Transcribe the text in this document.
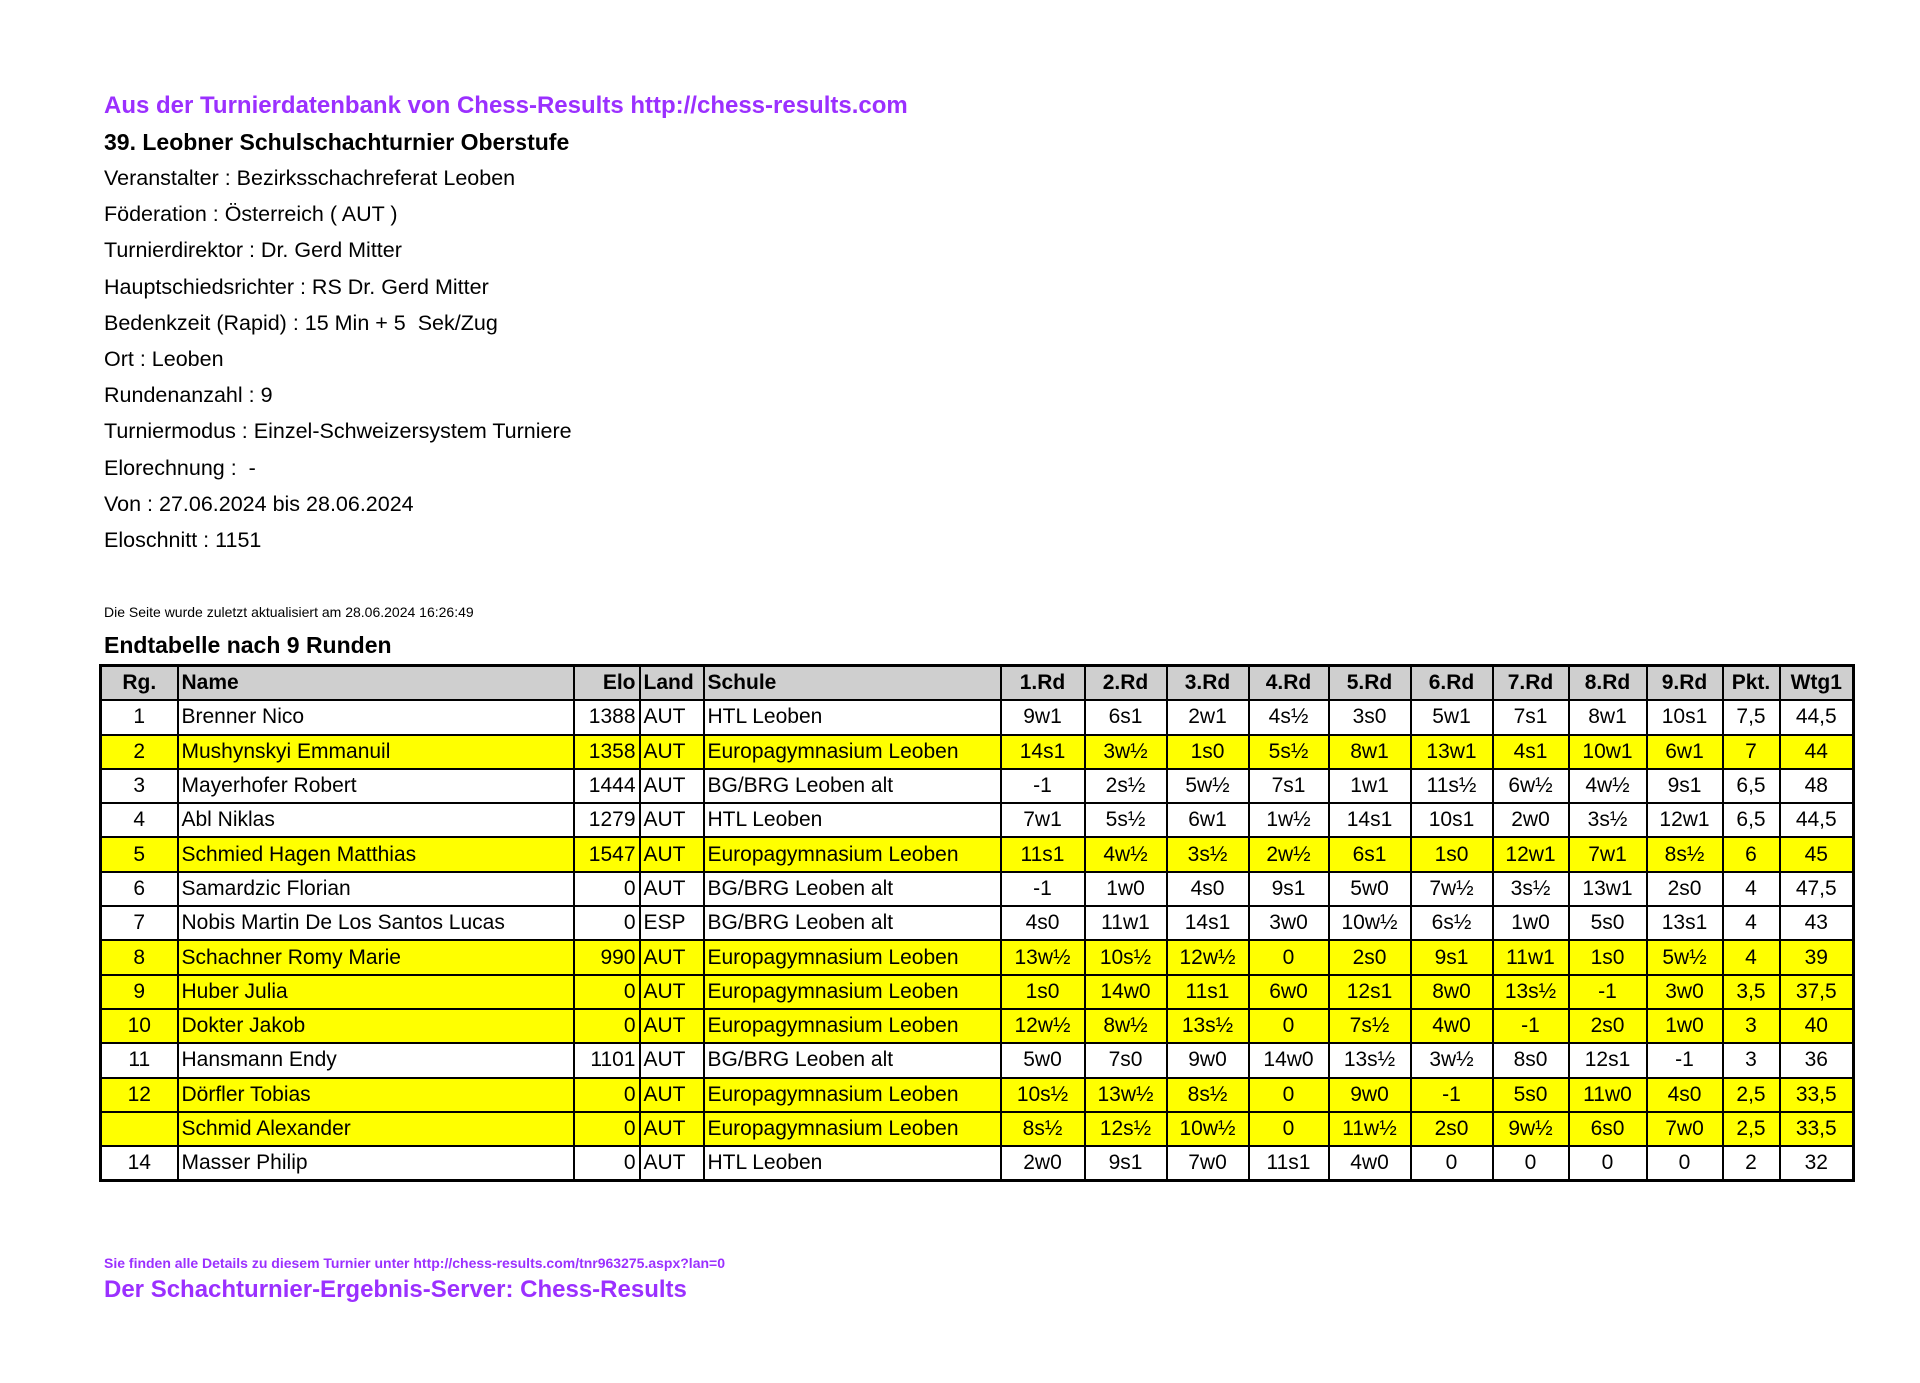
Aus der Turnierdatenbank von Chess-Results http://chess-results.com
39. Leobner Schulschachturnier Oberstufe
Veranstalter : Bezirksschachreferat Leoben
Föderation : Österreich ( AUT )
Turnierdirektor : Dr. Gerd Mitter
Hauptschiedsrichter : RS Dr. Gerd Mitter
Bedenkzeit (Rapid) : 15 Min + 5  Sek/Zug
Ort : Leoben
Rundenanzahl : 9
Turniermodus : Einzel-Schweizersystem Turniere
Elorechnung :  -
Von : 27.06.2024 bis 28.06.2024
Eloschnitt : 1151
Die Seite wurde zuletzt aktualisiert am 28.06.2024 16:26:49
Endtabelle nach 9 Runden
Rg.	Name	Elo	Land	Schule	1.Rd	2.Rd	3.Rd	4.Rd	5.Rd	6.Rd	7.Rd	8.Rd	9.Rd	Pkt.	Wtg1
1	Brenner Nico	1388	AUT	HTL Leoben	9w1	6s1	2w1	4s½	3s0	5w1	7s1	8w1	10s1	7,5	44,5
2	Mushynskyi Emmanuil	1358	AUT	Europagymnasium Leoben	14s1	3w½	1s0	5s½	8w1	13w1	4s1	10w1	6w1	7	44
3	Mayerhofer Robert	1444	AUT	BG/BRG Leoben alt	-1	2s½	5w½	7s1	1w1	11s½	6w½	4w½	9s1	6,5	48
4	Abl Niklas	1279	AUT	HTL Leoben	7w1	5s½	6w1	1w½	14s1	10s1	2w0	3s½	12w1	6,5	44,5
5	Schmied Hagen Matthias	1547	AUT	Europagymnasium Leoben	11s1	4w½	3s½	2w½	6s1	1s0	12w1	7w1	8s½	6	45
6	Samardzic Florian	0	AUT	BG/BRG Leoben alt	-1	1w0	4s0	9s1	5w0	7w½	3s½	13w1	2s0	4	47,5
7	Nobis Martin De Los Santos Lucas	0	ESP	BG/BRG Leoben alt	4s0	11w1	14s1	3w0	10w½	6s½	1w0	5s0	13s1	4	43
8	Schachner Romy Marie	990	AUT	Europagymnasium Leoben	13w½	10s½	12w½	0	2s0	9s1	11w1	1s0	5w½	4	39
9	Huber Julia	0	AUT	Europagymnasium Leoben	1s0	14w0	11s1	6w0	12s1	8w0	13s½	-1	3w0	3,5	37,5
10	Dokter Jakob	0	AUT	Europagymnasium Leoben	12w½	8w½	13s½	0	7s½	4w0	-1	2s0	1w0	3	40
11	Hansmann Endy	1101	AUT	BG/BRG Leoben alt	5w0	7s0	9w0	14w0	13s½	3w½	8s0	12s1	-1	3	36
12	Dörfler Tobias	0	AUT	Europagymnasium Leoben	10s½	13w½	8s½	0	9w0	-1	5s0	11w0	4s0	2,5	33,5
	Schmid Alexander	0	AUT	Europagymnasium Leoben	8s½	12s½	10w½	0	11w½	2s0	9w½	6s0	7w0	2,5	33,5
14	Masser Philip	0	AUT	HTL Leoben	2w0	9s1	7w0	11s1	4w0	0	0	0	0	2	32
Sie finden alle Details zu diesem Turnier unter http://chess-results.com/tnr963275.aspx?lan=0
Der Schachturnier-Ergebnis-Server: Chess-Results
